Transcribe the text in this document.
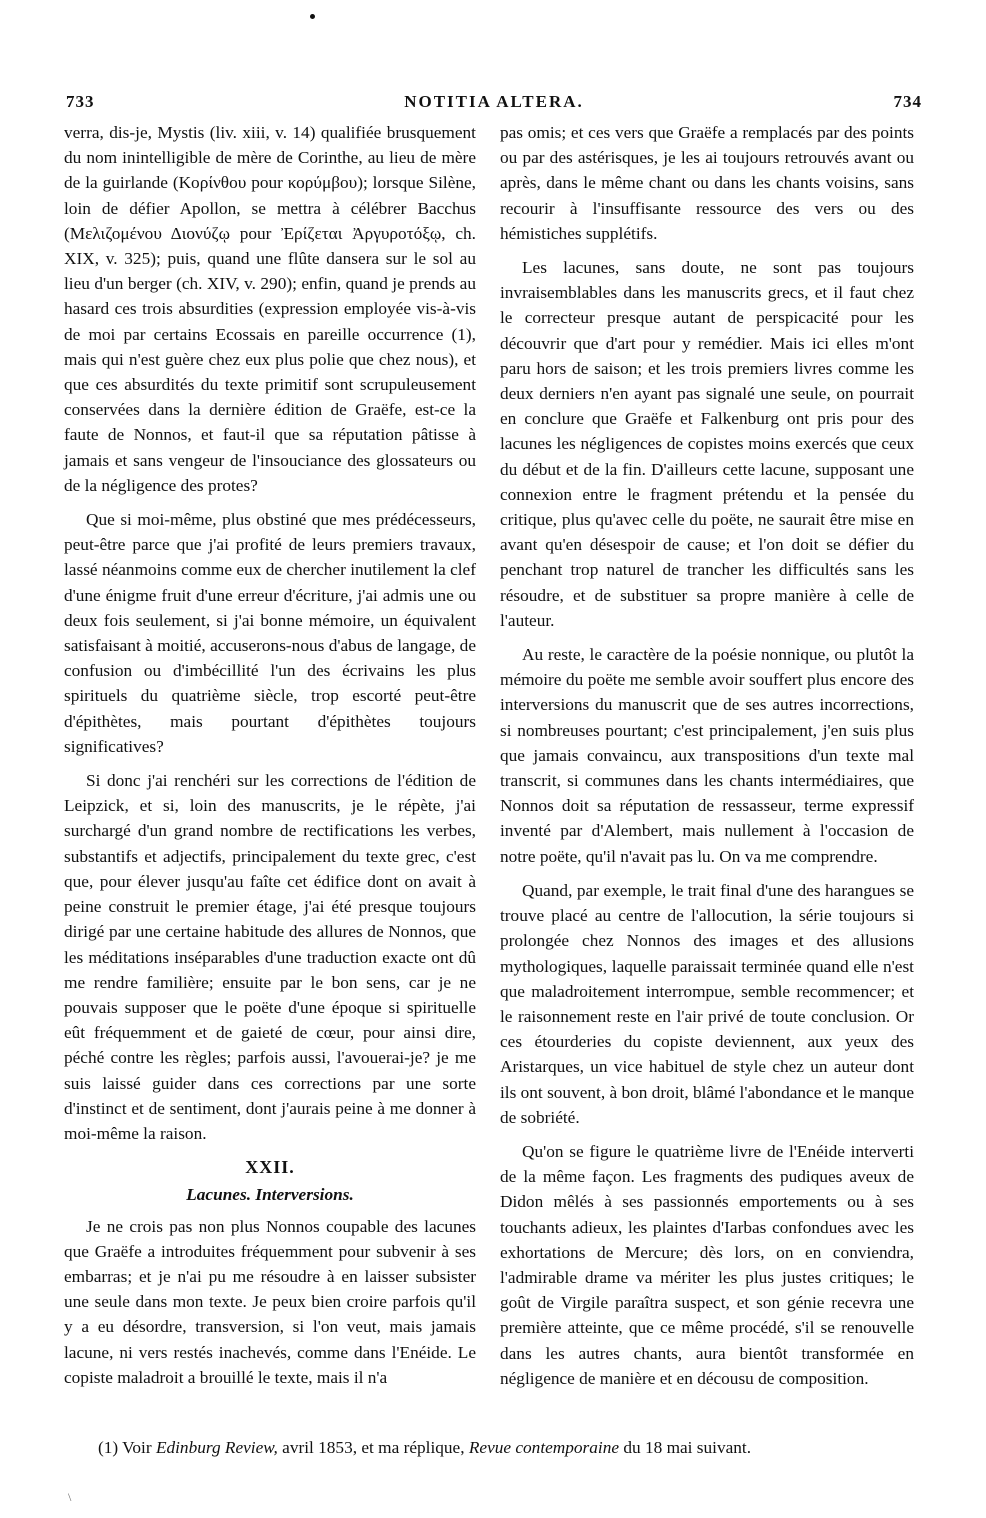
733	NOTITIA ALTERA.	734

verra, dis-je, Mystis (liv. xiii, v. 14) qualifiée brusquement du nom inintelligible de mère de Corinthe, au lieu de mère de la guirlande (Κορίνθου pour κορύμβου); lorsque Silène, loin de défier Apollon, se mettra à célébrer Bacchus (Μελιζομένου Διονύζῳ pour Ἐρίζεται Ἀργυροτόξῳ, ch. XIX, v. 325); puis, quand une flûte dansera sur le sol au lieu d'un berger (ch. XIV, v. 290); enfin, quand je prends au hasard ces trois absurdities (expression employée vis-à-vis de moi par certains Ecossais en pareille occurrence (1), mais qui n'est guère chez eux plus polie que chez nous), et que ces absurdités du texte primitif sont scrupuleusement conservées dans la dernière édition de Graëfe, est-ce la faute de Nonnos, et faut-il que sa réputation pâtisse à jamais et sans vengeur de l'insouciance des glossateurs ou de la négligence des protes?

Que si moi-même, plus obstiné que mes prédécesseurs, peut-être parce que j'ai profité de leurs premiers travaux, lassé néanmoins comme eux de chercher inutilement la clef d'une énigme fruit d'une erreur d'écriture, j'ai admis une ou deux fois seulement, si j'ai bonne mémoire, un équivalent satisfaisant à moitié, accuserons-nous d'abus de langage, de confusion ou d'imbécillité l'un des écrivains les plus spirituels du quatrième siècle, trop escorté peut-être d'épithètes, mais pourtant d'épithètes toujours significatives?

Si donc j'ai renchéri sur les corrections de l'édition de Leipzick, et si, loin des manuscrits, je le répète, j'ai surchargé d'un grand nombre de rectifications les verbes, substantifs et adjectifs, principalement du texte grec, c'est que, pour élever jusqu'au faîte cet édifice dont on avait à peine construit le premier étage, j'ai été presque toujours dirigé par une certaine habitude des allures de Nonnos, que les méditations inséparables d'une traduction exacte ont dû me rendre familière; ensuite par le bon sens, car je ne pouvais supposer que le poëte d'une époque si spirituelle eût fréquemment et de gaieté de cœur, pour ainsi dire, péché contre les règles; parfois aussi, l'avouerai-je? je me suis laissé guider dans ces corrections par une sorte d'instinct et de sentiment, dont j'aurais peine à me donner à moi-même la raison.

XXII.
Lacunes. Interversions.

Je ne crois pas non plus Nonnos coupable des lacunes que Graëfe a introduites fréquemment pour subvenir à ses embarras; et je n'ai pu me résoudre à en laisser subsister une seule dans mon texte. Je peux bien croire parfois qu'il y a eu désordre, transversion, si l'on veut, mais jamais lacune, ni vers restés inachevés, comme dans l'Enéide. Le copiste maladroit a brouillé le texte, mais il n'a

pas omis; et ces vers que Graëfe a remplacés par des points ou par des astérisques, je les ai toujours retrouvés avant ou après, dans le même chant ou dans les chants voisins, sans recourir à l'insuffisante ressource des vers ou des hémistiches supplétifs.

Les lacunes, sans doute, ne sont pas toujours invraisemblables dans les manuscrits grecs, et il faut chez le correcteur presque autant de perspicacité pour les découvrir que d'art pour y remédier. Mais ici elles m'ont paru hors de saison; et les trois premiers livres comme les deux derniers n'en ayant pas signalé une seule, on pourrait en conclure que Graëfe et Falkenburg ont pris pour des lacunes les négligences de copistes moins exercés que ceux du début et de la fin. D'ailleurs cette lacune, supposant une connexion entre le fragment prétendu et la pensée du critique, plus qu'avec celle du poëte, ne saurait être mise en avant qu'en désespoir de cause; et l'on doit se défier du penchant trop naturel de trancher les difficultés sans les résoudre, et de substituer sa propre manière à celle de l'auteur.

Au reste, le caractère de la poésie nonnique, ou plutôt la mémoire du poëte me semble avoir souffert plus encore des interversions du manuscrit que de ses autres incorrections, si nombreuses pourtant; c'est principalement, j'en suis plus que jamais convaincu, aux transpositions d'un texte mal transcrit, si communes dans les chants intermédiaires, que Nonnos doit sa réputation de ressasseur, terme expressif inventé par d'Alembert, mais nullement à l'occasion de notre poëte, qu'il n'avait pas lu. On va me comprendre.

Quand, par exemple, le trait final d'une des harangues se trouve placé au centre de l'allocution, la série toujours si prolongée chez Nonnos des images et des allusions mythologiques, laquelle paraissait terminée quand elle n'est que maladroitement interrompue, semble recommencer; et le raisonnement reste en l'air privé de toute conclusion. Or ces étourderies du copiste deviennent, aux yeux des Aristarques, un vice habituel de style chez un auteur dont ils ont souvent, à bon droit, blâmé l'abondance et le manque de sobriété.

Qu'on se figure le quatrième livre de l'Enéide interverti de la même façon. Les fragments des pudiques aveux de Didon mêlés à ses passionnés emportements ou à ses touchants adieux, les plaintes d'Iarbas confondues avec les exhortations de Mercure; dès lors, on en conviendra, l'admirable drame va mériter les plus justes critiques; le goût de Virgile paraîtra suspect, et son génie recevra une première atteinte, que ce même procédé, s'il se renouvelle dans les autres chants, aura bientôt transformée en négligence de manière et en décousu de composition.

(1) Voir Edinburg Review, avril 1853, et ma réplique, Revue contemporaine du 18 mai suivant.
\
